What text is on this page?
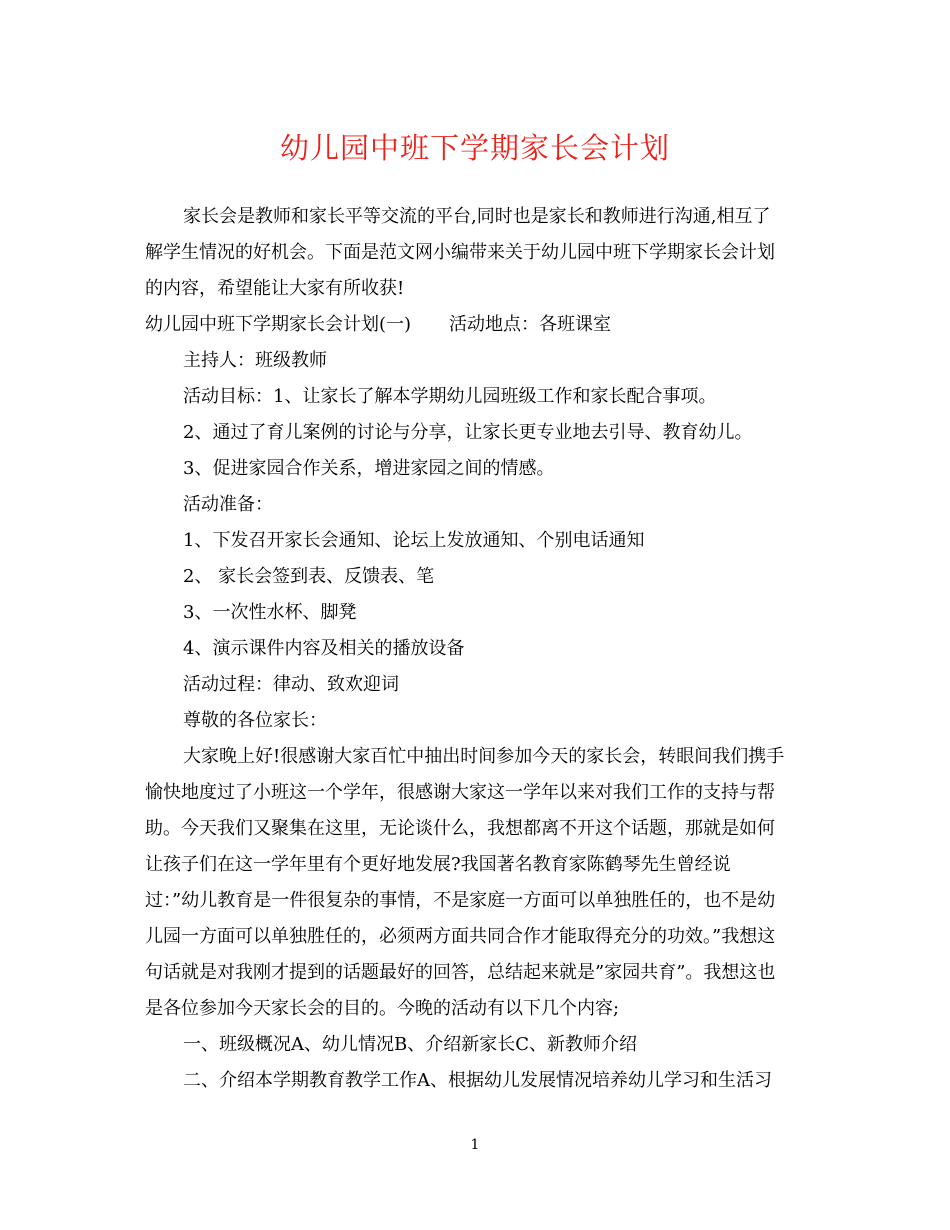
幼儿园中班下学期家长会计划
家长会是教师和家长平等交流的平台,同时也是家长和教师进行沟通,相互了
解学生情况的好机会。下面是范文网小编带来关于幼儿园中班下学期家长会计划
的内容，希望能让大家有所收获!
幼儿园中班下学期家长会计划(一) 活动地点：各班课室
主持人：班级教师
活动目标：1、让家长了解本学期幼儿园班级工作和家长配合事项。
2、通过了育儿案例的讨论与分享，让家长更专业地去引导、教育幼儿。
3、促进家园合作关系，增进家园之间的情感。
活动准备：
1、下发召开家长会通知、论坛上发放通知、个别电话通知
2、 家长会签到表、反馈表、笔
3、一次性水杯、脚凳
4、演示课件内容及相关的播放设备
活动过程：律动、致欢迎词
尊敬的各位家长：
大家晚上好!很感谢大家百忙中抽出时间参加今天的家长会，转眼间我们携手
愉快地度过了小班这一个学年，很感谢大家这一学年以来对我们工作的支持与帮
助。今天我们又聚集在这里，无论谈什么，我想都离不开这个话题，那就是如何
让孩子们在这一学年里有个更好地发展?我国著名教育家陈鹤琴先生曾经说
过：”幼儿教育是一件很复杂的事情，不是家庭一方面可以单独胜任的，也不是幼
儿园一方面可以单独胜任的，必须两方面共同合作才能取得充分的功效。”我想这
句话就是对我刚才提到的话题最好的回答，总结起来就是”家园共育”。我想这也
是各位参加今天家长会的目的。今晚的活动有以下几个内容;
一、班级概况A、幼儿情况B、介绍新家长C、新教师介绍
二、介绍本学期教育教学工作A、根据幼儿发展情况培养幼儿学习和生活习
1
